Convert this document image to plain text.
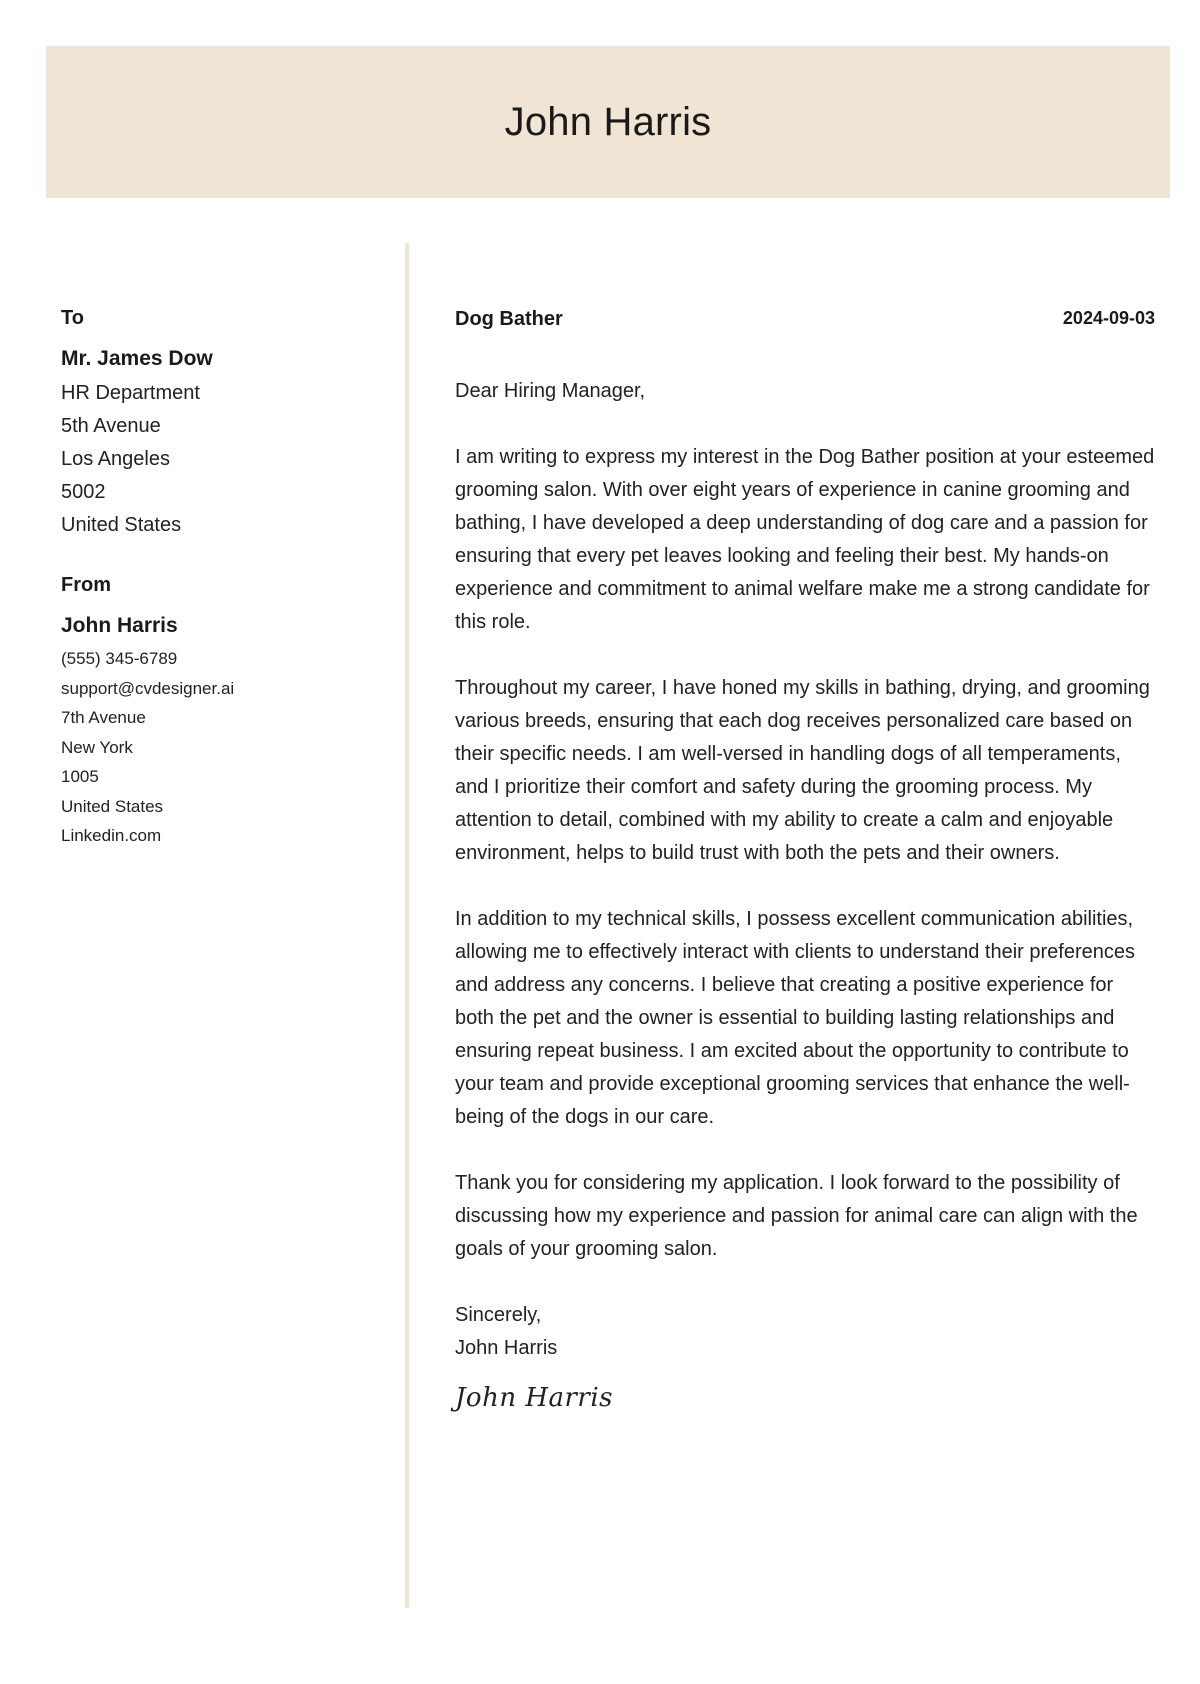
John Harris
To
Mr. James Dow
HR Department
5th Avenue
Los Angeles
5002
United States
From
John Harris
(555) 345-6789
support@cvdesigner.ai
7th Avenue
New York
1005
United States
Linkedin.com
Dog Bather	2024-09-03

Dear Hiring Manager,

I am writing to express my interest in the Dog Bather position at your esteemed grooming salon. With over eight years of experience in canine grooming and bathing, I have developed a deep understanding of dog care and a passion for ensuring that every pet leaves looking and feeling their best. My hands-on experience and commitment to animal welfare make me a strong candidate for this role.

Throughout my career, I have honed my skills in bathing, drying, and grooming various breeds, ensuring that each dog receives personalized care based on their specific needs. I am well-versed in handling dogs of all temperaments, and I prioritize their comfort and safety during the grooming process. My attention to detail, combined with my ability to create a calm and enjoyable environment, helps to build trust with both the pets and their owners.

In addition to my technical skills, I possess excellent communication abilities, allowing me to effectively interact with clients to understand their preferences and address any concerns. I believe that creating a positive experience for both the pet and the owner is essential to building lasting relationships and ensuring repeat business. I am excited about the opportunity to contribute to your team and provide exceptional grooming services that enhance the well-being of the dogs in our care.

Thank you for considering my application. I look forward to the possibility of discussing how my experience and passion for animal care can align with the goals of your grooming salon.

Sincerely,
John Harris
John Harris
